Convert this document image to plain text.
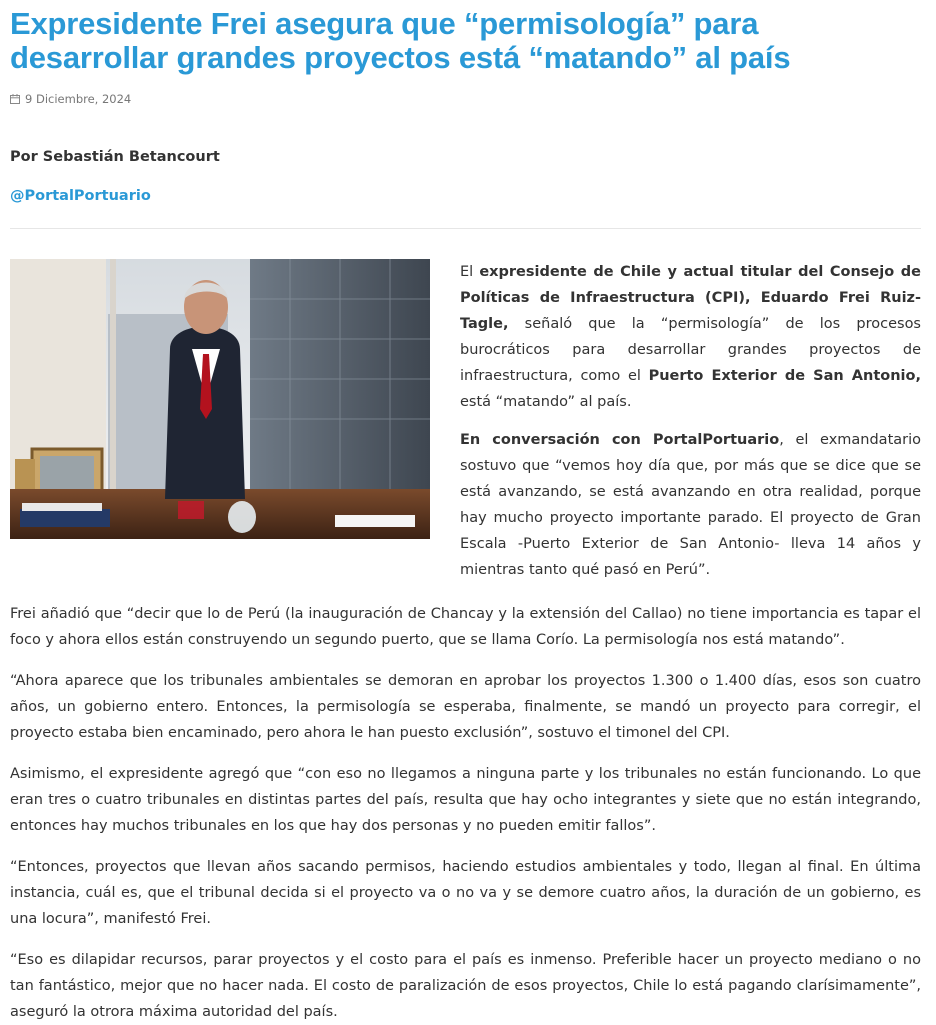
Expresidente Frei asegura que “permisología” para desarrollar grandes proyectos está “matando” al país
9 Diciembre, 2024
Por Sebastián Betancourt
@PortalPortuario

El expresidente de Chile y actual titular del Consejo de Políticas de Infraestructura (CPI), Eduardo Frei Ruiz-Tagle, señaló que la “permisología” de los procesos burocráticos para desarrollar grandes proyectos de infraestructura, como el Puerto Exterior de San Antonio, está “matando” al país.

En conversación con PortalPortuario, el exmandatario sostuvo que “vemos hoy día que, por más que se dice que se está avanzando, se está avanzando en otra realidad, porque hay mucho proyecto importante parado. El proyecto de Gran Escala -Puerto Exterior de San Antonio- lleva 14 años y mientras tanto qué pasó en Perú”.

Frei añadió que “decir que lo de Perú (la inauguración de Chancay y la extensión del Callao) no tiene importancia es tapar el foco y ahora ellos están construyendo un segundo puerto, que se llama Corío. La permisología nos está matando”.

“Ahora aparece que los tribunales ambientales se demoran en aprobar los proyectos 1.300 o 1.400 días, esos son cuatro años, un gobierno entero. Entonces, la permisología se esperaba, finalmente, se mandó un proyecto para corregir, el proyecto estaba bien encaminado, pero ahora le han puesto exclusión”, sostuvo el timonel del CPI.

Asimismo, el expresidente agregó que “con eso no llegamos a ninguna parte y los tribunales no están funcionando. Lo que eran tres o cuatro tribunales en distintas partes del país, resulta que hay ocho integrantes y siete que no están integrando, entonces hay muchos tribunales en los que hay dos personas y no pueden emitir fallos”.

“Entonces, proyectos que llevan años sacando permisos, haciendo estudios ambientales y todo, llegan al final. En última instancia, cuál es, que el tribunal decida si el proyecto va o no va y se demore cuatro años, la duración de un gobierno, es una locura”, manifestó Frei.

“Eso es dilapidar recursos, parar proyectos y el costo para el país es inmenso. Preferible hacer un proyecto mediano o no tan fantástico, mejor que no hacer nada. El costo de paralización de esos proyectos, Chile lo está pagando clarísimamente”, aseguró la otrora máxima autoridad del país.
